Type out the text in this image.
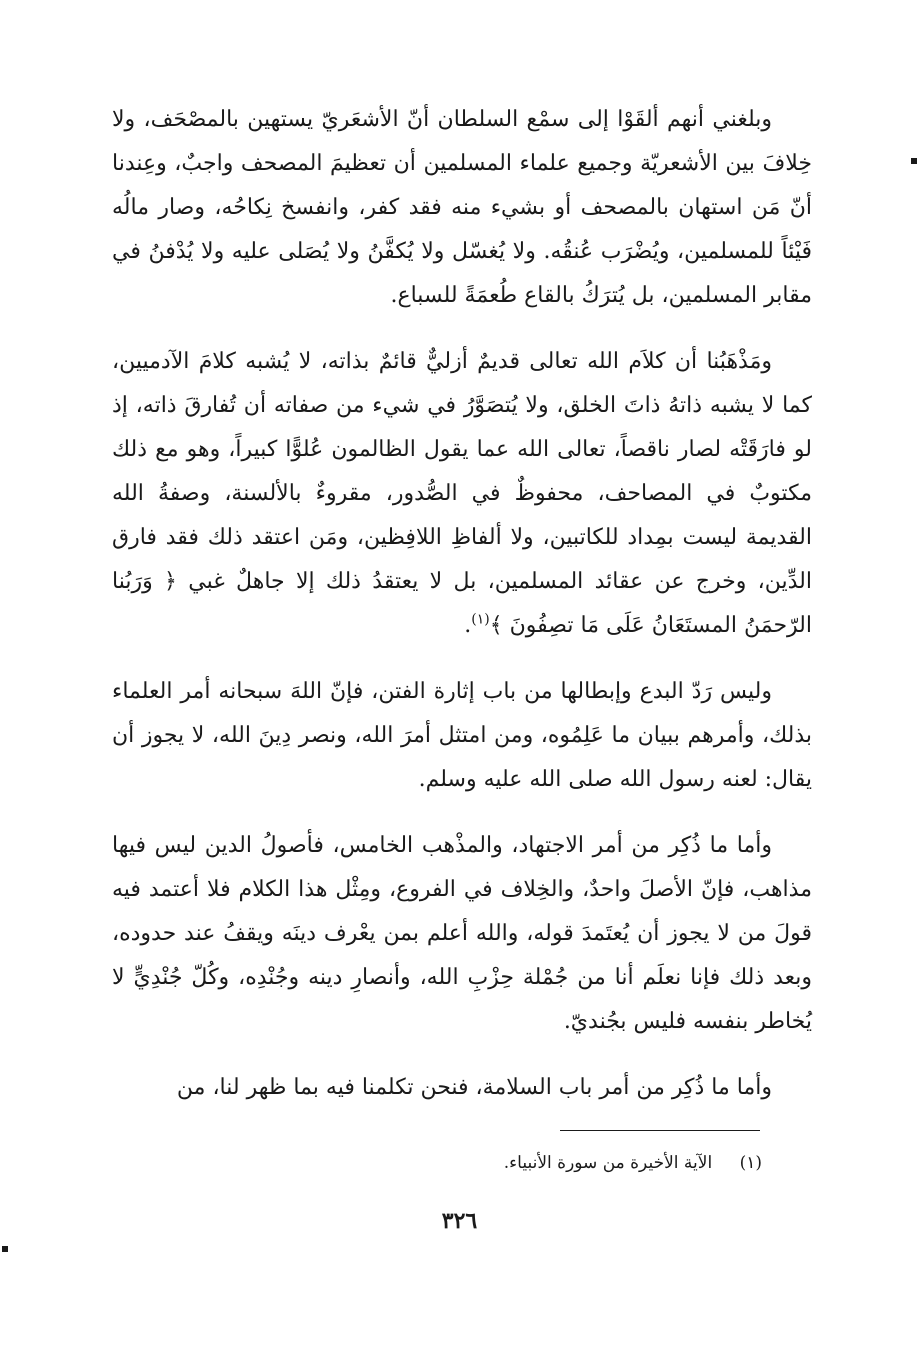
وبلغني أنهم ألقَوْا إلى سمْع السلطان أنّ الأشعَريّ يستهين بالمصْحَف، ولا خِلافَ بين الأشعريّة وجميع علماء المسلمين أن تعظيمَ المصحف واجبٌ، وعِندنا أنّ مَن استهان بالمصحف أو بشيء منه فقد كفر، وانفسخ نِكاحُه، وصار مالُه فَيْئاً للمسلمين، ويُضْرَب عُنقُه. ولا يُغسّل ولا يُكفَّنُ ولا يُصَلى عليه ولا يُدْفنُ في مقابر المسلمين، بل يُترَكُ بالقاع طُعمَةً للسباع.

ومَذْهَبُنا أن كلاَم الله تعالى قديمٌ أزليٌّ قائمٌ بذاته، لا يُشبه كلامَ الآدميين، كما لا يشبه ذاتهُ ذاتَ الخلق، ولا يُتصَوَّرُ في شيء من صفاته أن تُفارقَ ذاته، إذ لو فارَقَتْه لصار ناقصاً، تعالى الله عما يقول الظالمون عُلوًّا كبيراً، وهو مع ذلك مكتوبٌ في المصاحف، محفوظٌ في الصُّدور، مقروءٌ بالألسنة، وصفةُ الله القديمة ليست بمِداد للكاتبين، ولا ألفاظِ اللافِظين، ومَن اعتقد ذلك فقد فارق الدِّين، وخرج عن عقائد المسلمين، بل لا يعتقدُ ذلك إلا جاهلٌ غبي ﴿ وَرَبُنا الرّحمَنُ المستَعَانُ عَلَى مَا تصِفُونَ ﴾$^{(١)}$.

وليس رَدّ البدع وإبطالها من باب إثارة الفتن، فإنّ اللهَ سبحانه أمر العلماء بذلك، وأمرهم ببيان ما عَلِمُوه، ومن امتثل أمرَ الله، ونصر دِينَ الله، لا يجوز أن يقال: لعنه رسول الله صلى الله عليه وسلم.

وأما ما ذُكِر من أمر الاجتهاد، والمذْهب الخامس، فأصولُ الدين ليس فيها مذاهب، فإنّ الأصلَ واحدٌ، والخِلاف في الفروع، ومِثْل هذا الكلام فلا أعتمد فيه قولَ من لا يجوز أن يُعتَمدَ قوله، والله أعلم بمن يعْرف دينَه ويقفُ عند حدوده، وبعد ذلك فإنا نعلَم أنا من جُمْلة حِزْبِ الله، وأنصارِ دينه وجُنْدِه، وكُلّ جُنْدِيٍّ لا يُخاطر بنفسه فليس بجُنديّ.

وأما ما ذُكِر من أمر باب السلامة، فنحن تكلمنا فيه بما ظهر لنا، من

(١) الآية الأخيرة من سورة الأنبياء.
٣٢٦
